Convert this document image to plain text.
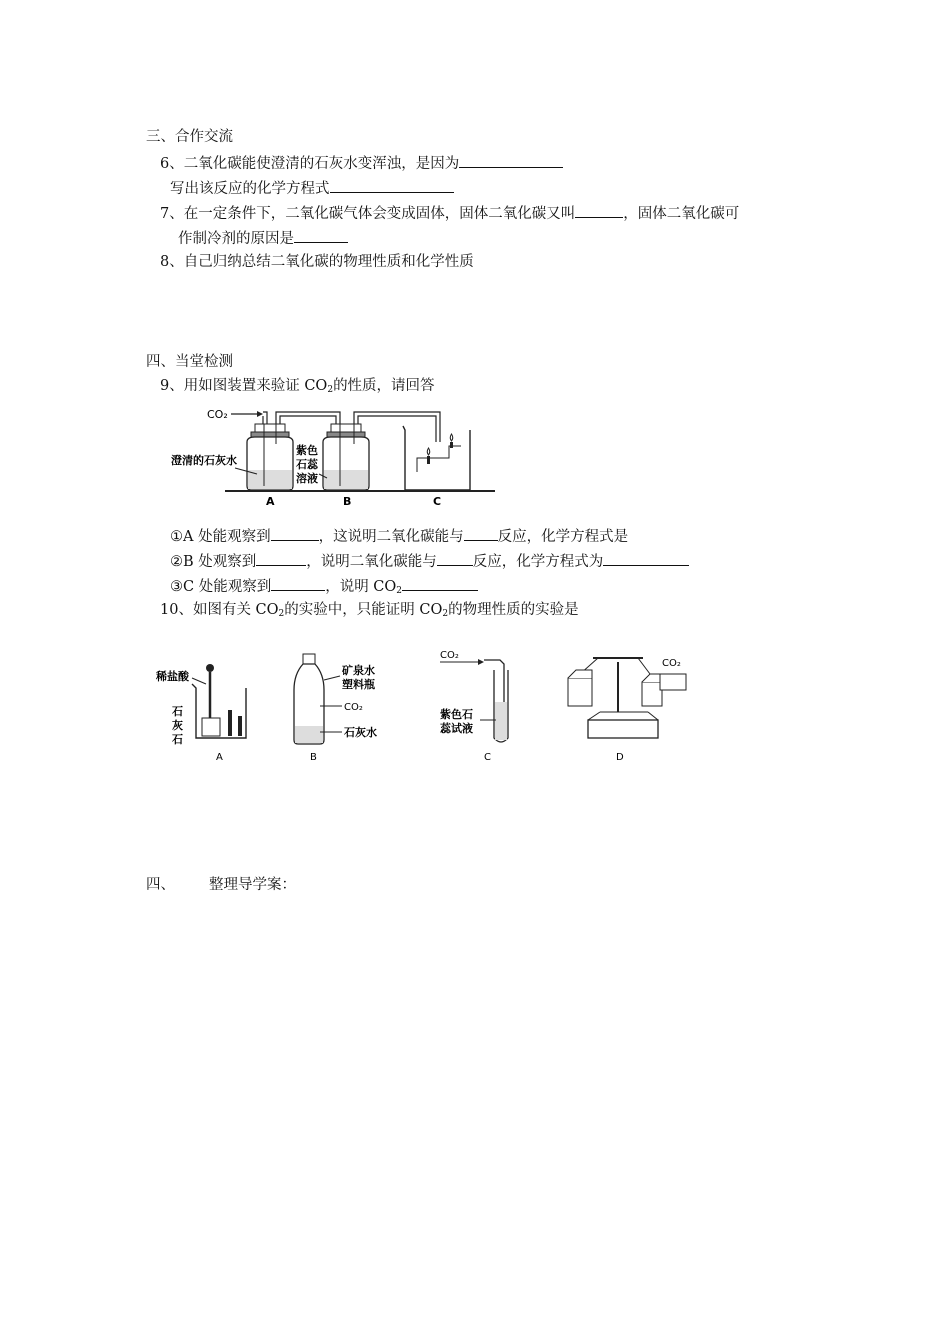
三、合作交流
6、二氧化碳能使澄清的石灰水变浑浊，是因为
写出该反应的化学方程式
7、在一定条件下，二氧化碳气体会变成固体，固体二氧化碳又叫	，固体二氧化碳可
作制冷剂的原因是
8、自己归纳总结二氧化碳的物理性质和化学性质
四、当堂检测
9、用如图装置来验证 $CO_2$的性质，请回答
CO₂
澄清的石灰水
紫色
石蕊
溶液
A	B	C
①A 处能观察到	，这说明二氧化碳能与 反应，化学方程式是
②B 处观察到	，说明二氧化碳能与 反应，化学方程式为
③C 处能观察到	，说明 $CO_2$
10、如图有关 $CO_2$的实验中，只能证明 $CO_2$的物理性质的实验是
稀盐酸
石
灰
石
A
矿泉水
塑料瓶
CO₂
石灰水
B
CO₂
紫色石
蕊试液
C
CO₂
D
四、 整理导学案：
